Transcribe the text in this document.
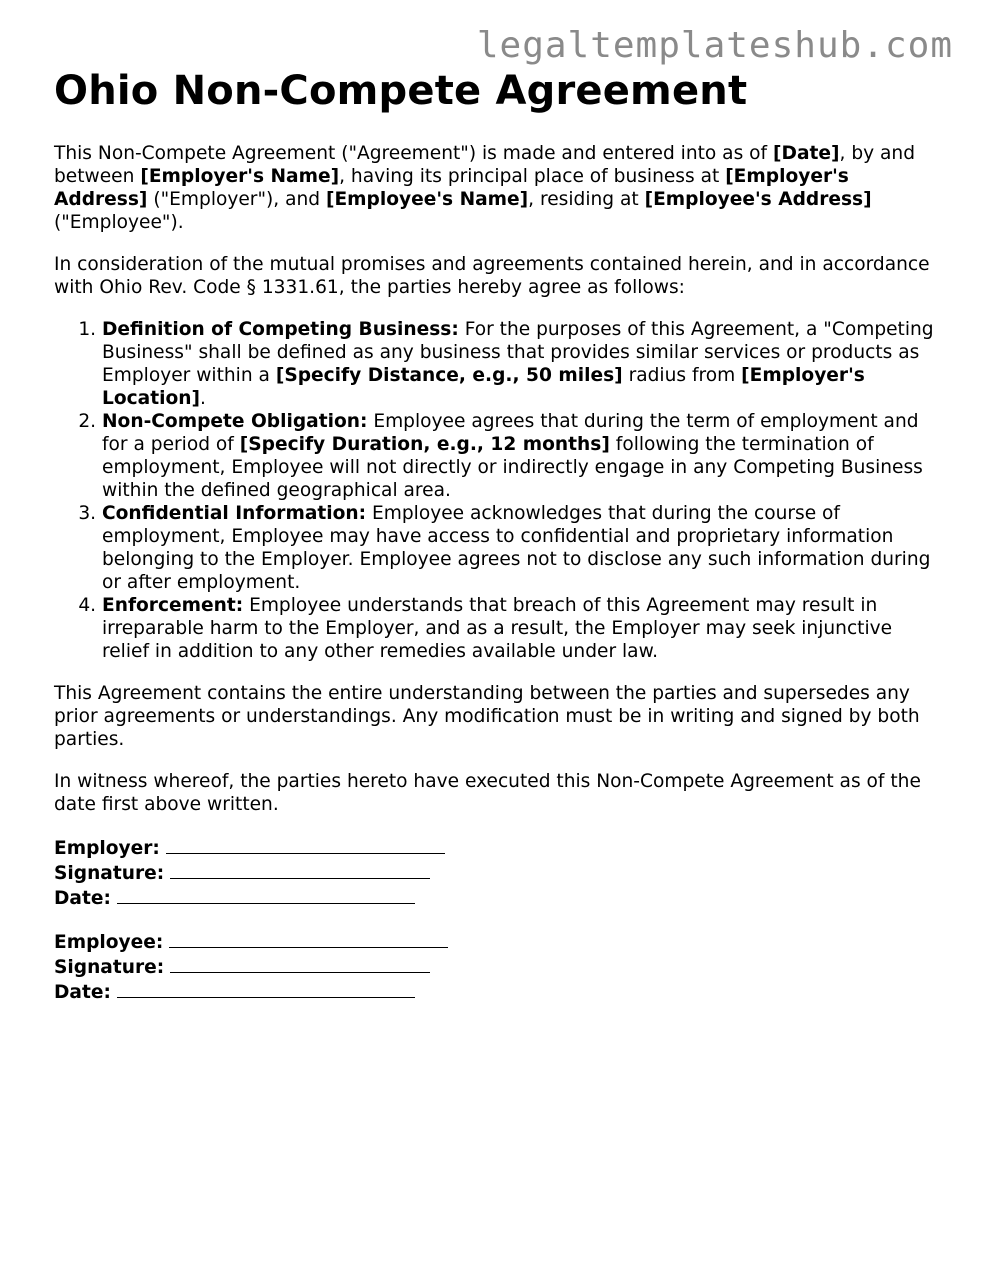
legaltemplateshub.com
Ohio Non-Compete Agreement

This Non-Compete Agreement ("Agreement") is made and entered into as of [Date], by and between [Employer's Name], having its principal place of business at [Employer's Address] ("Employer"), and [Employee's Name], residing at [Employee's Address] ("Employee").

In consideration of the mutual promises and agreements contained herein, and in accordance with Ohio Rev. Code § 1331.61, the parties hereby agree as follows:

1. Definition of Competing Business: For the purposes of this Agreement, a "Competing Business" shall be defined as any business that provides similar services or products as Employer within a [Specify Distance, e.g., 50 miles] radius from [Employer's Location].
2. Non-Compete Obligation: Employee agrees that during the term of employment and for a period of [Specify Duration, e.g., 12 months] following the termination of employment, Employee will not directly or indirectly engage in any Competing Business within the defined geographical area.
3. Confidential Information: Employee acknowledges that during the course of employment, Employee may have access to confidential and proprietary information belonging to the Employer. Employee agrees not to disclose any such information during or after employment.
4. Enforcement: Employee understands that breach of this Agreement may result in irreparable harm to the Employer, and as a result, the Employer may seek injunctive relief in addition to any other remedies available under law.

This Agreement contains the entire understanding between the parties and supersedes any prior agreements or understandings. Any modification must be in writing and signed by both parties.

In witness whereof, the parties hereto have executed this Non-Compete Agreement as of the date first above written.

Employer:
Signature:
Date:
Employee:
Signature:
Date:
